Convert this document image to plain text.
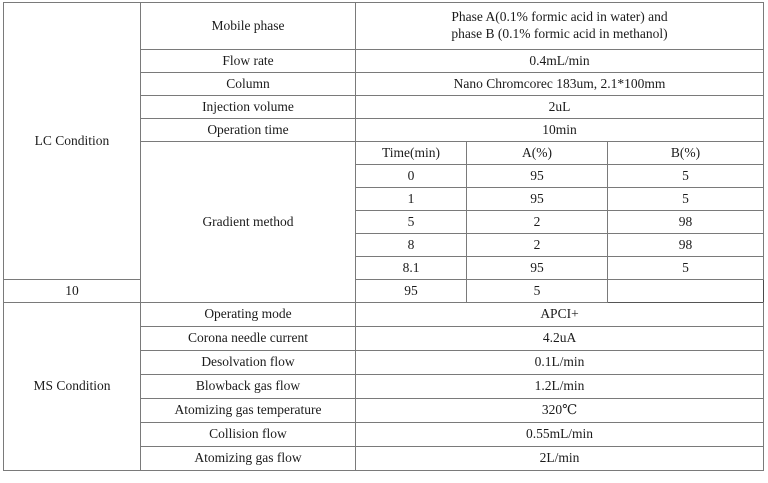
LC Condition	Mobile phase	Phase A(0.1% formic acid in water) and
phase B (0.1% formic acid in methanol)		

	Flow rate	0.4mL/min		
	Column	Nano Chromcorec 183um, 2.1*100mm		
	Injection volume	2uL		
	Operation time	10min		
	Gradient method	Time(min)	A(%)	B(%)
		0	95	5
		1	95	5
		5	2	98
		8	2	98
		8.1	95	5
10		95	5	
MS Condition	Operating mode	APCI+		
	Corona needle current	4.2uA		
	Desolvation flow	0.1L/min		
	Blowback gas flow	1.2L/min		
	Atomizing gas temperature	320℃		
	Collision flow	0.55mL/min		
	Atomizing gas flow	2L/min		
